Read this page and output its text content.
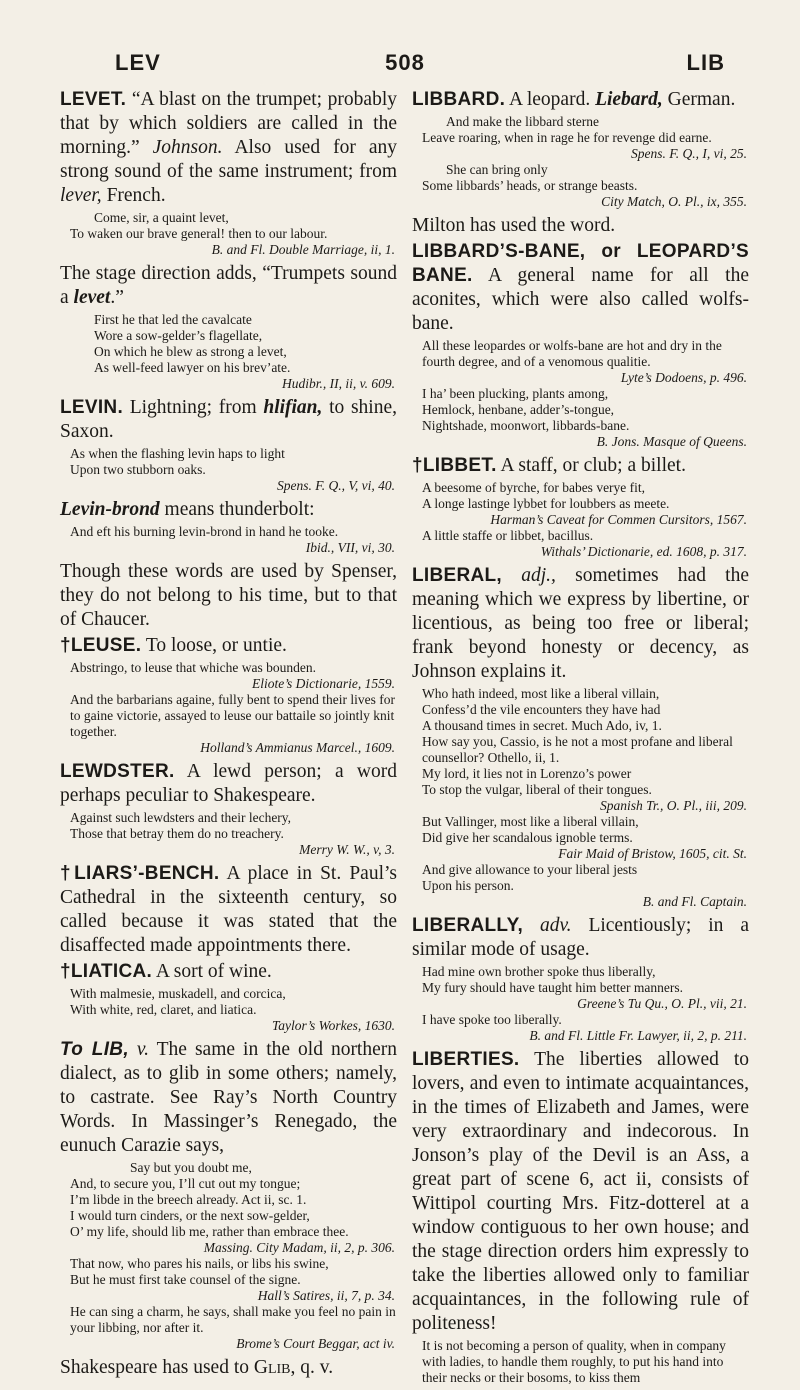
LEV	508	LIB

LEVET. “A blast on the trumpet; probably that by which soldiers are called in the morning.” Johnson. Also used for any strong sound of the same instrument; from lever, French.

Come, sir, a quaint levet,
To waken our brave general! then to our labour.
B. and Fl. Double Marriage, ii, 1.

The stage direction adds, “Trumpets sound a levet.”

First he that led the cavalcate
Wore a sow-gelder’s flagellate,
On which he blew as strong a levet,
As well-feed lawyer on his brev’ate.
Hudibr., II, ii, v. 609.

LEVIN. Lightning; from hlifian, to shine, Saxon.

As when the flashing levin haps to light
Upon two stubborn oaks.
Spens. F. Q., V, vi, 40.

Levin-brond means thunderbolt:

And eft his burning levin-brond in hand he tooke.
Ibid., VII, vi, 30.

Though these words are used by Spenser, they do not belong to his time, but to that of Chaucer.

†LEUSE. To loose, or untie.

Abstringo, to leuse that whiche was bounden.
Eliote’s Dictionarie, 1559.
And the barbarians againe, fully bent to spend their lives for to gaine victorie, assayed to leuse our battaile so jointly knit together.
Holland’s Ammianus Marcel., 1609.

LEWDSTER. A lewd person; a word perhaps peculiar to Shakespeare.

Against such lewdsters and their lechery,
Those that betray them do no treachery.
Merry W. W., v, 3.

†LIARS’-BENCH. A place in St. Paul’s Cathedral in the sixteenth century, so called because it was stated that the disaffected made appointments there.

†LIATICA. A sort of wine.

With malmesie, muskadell, and corcica,
With white, red, claret, and liatica.
Taylor’s Workes, 1630.

To LIB, v. The same in the old northern dialect, as to glib in some others; namely, to castrate. See Ray’s North Country Words. In Massinger’s Renegado, the eunuch Carazie says,

Say but you doubt me,
And, to secure you, I’ll cut out my tongue;
I’m libde in the breech already. Act ii, sc. 1.
I would turn cinders, or the next sow-gelder,
O’ my life, should lib me, rather than embrace thee.
Massing. City Madam, ii, 2, p. 306.
That now, who pares his nails, or libs his swine,
But he must first take counsel of the signe.
Hall’s Satires, ii, 7, p. 34.
He can sing a charm, he says, shall make you feel no pain in your libbing, nor after it.
Brome’s Court Beggar, act iv.

Shakespeare has used to Glib, q. v.

LIBBARD. A leopard. Liebard, German.

And make the libbard sterne
Leave roaring, when in rage he for revenge did earne.
Spens. F. Q., I, vi, 25.
She can bring only
Some libbards’ heads, or strange beasts.
City Match, O. Pl., ix, 355.

Milton has used the word.

LIBBARD’S-BANE, or LEOPARD’S BANE. A general name for all the aconites, which were also called wolfs-bane.

All these leopardes or wolfs-bane are hot and dry in the fourth degree, and of a venomous qualitie.
Lyte’s Dodoens, p. 496.
I ha’ been plucking, plants among,
Hemlock, henbane, adder’s-tongue,
Nightshade, moonwort, libbards-bane.
B. Jons. Masque of Queens.

†LIBBET. A staff, or club; a billet.

A beesome of byrche, for babes verye fit,
A longe lastinge lybbet for loubbers as meete.
Harman’s Caveat for Commen Cursitors, 1567.
A little staffe or libbet, bacillus.
Withals’ Dictionarie, ed. 1608, p. 317.

LIBERAL, adj., sometimes had the meaning which we express by libertine, or licentious, as being too free or liberal; frank beyond honesty or decency, as Johnson explains it.

Who hath indeed, most like a liberal villain,
Confess’d the vile encounters they have had
A thousand times in secret. Much Ado, iv, 1.
How say you, Cassio, is he not a most profane and liberal counsellor? Othello, ii, 1.
My lord, it lies not in Lorenzo’s power
To stop the vulgar, liberal of their tongues.
Spanish Tr., O. Pl., iii, 209.
But Vallinger, most like a liberal villain,
Did give her scandalous ignoble terms.
Fair Maid of Bristow, 1605, cit. St.
And give allowance to your liberal jests
Upon his person.
B. and Fl. Captain.

LIBERALLY, adv. Licentiously; in a similar mode of usage.

Had mine own brother spoke thus liberally,
My fury should have taught him better manners.
Greene’s Tu Qu., O. Pl., vii, 21.
I have spoke too liberally.
B. and Fl. Little Fr. Lawyer, ii, 2, p. 211.

LIBERTIES. The liberties allowed to lovers, and even to intimate acquaintances, in the times of Elizabeth and James, were very extraordinary and indecorous. In Jonson’s play of the Devil is an Ass, a great part of scene 6, act ii, consists of Wittipol courting Mrs. Fitz-dotterel at a window contiguous to her own house; and the stage direction orders him expressly to take the liberties allowed only to familiar acquaintances, in the following rule of politeness!

It is not becoming a person of quality, when in company with ladies, to handle them roughly, to put his hand into their necks or their bosoms, to kiss them
